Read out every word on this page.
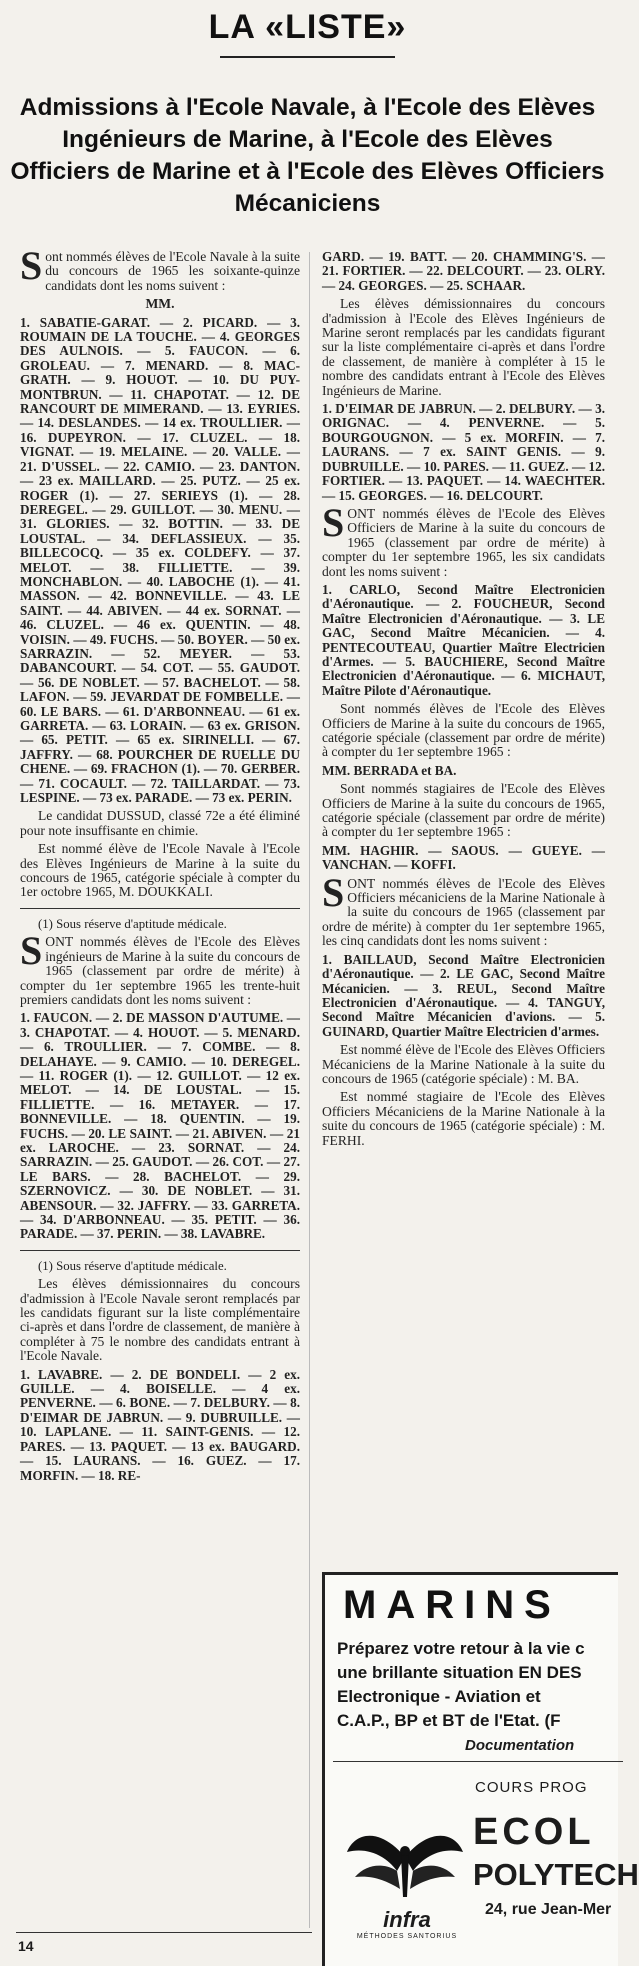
LA «LISTE»
Admissions à l'Ecole Navale, à l'Ecole des Elèves Ingénieurs de Marine, à l'Ecole des Elèves Officiers de Marine et à l'Ecole des Elèves Officiers Mécaniciens

Sont nommés élèves de l'Ecole Navale à la suite du concours de 1965 les soixante-quinze candidats dont les noms suivent :

MM.

1. SABATIE-GARAT. — 2. PICARD. — 3. ROUMAIN DE LA TOUCHE. — 4. GEORGES DES AULNOIS. — 5. FAUCON. — 6. GROLEAU. — 7. MENARD. — 8. MAC-GRATH. — 9. HOUOT. — 10. DU PUY-MONTBRUN. — 11. CHAPOTAT. — 12. DE RANCOURT DE MIMERAND. — 13. EYRIES. — 14. DESLANDES. — 14 ex. TROULLIER. — 16. DUPEYRON. — 17. CLUZEL. — 18. VIGNAT. — 19. MELAINE. — 20. VALLE. — 21. D'USSEL. — 22. CAMIO. — 23. DANTON. — 23 ex. MAILLARD. — 25. PUTZ. — 25 ex. ROGER (1). — 27. SERIEYS (1). — 28. DEREGEL. — 29. GUILLOT. — 30. MENU. — 31. GLORIES. — 32. BOTTIN. — 33. DE LOUSTAL. — 34. DEFLASSIEUX. — 35. BILLECOCQ. — 35 ex. COLDEFY. — 37. MELOT. — 38. FILLIETTE. — 39. MONCHABLON. — 40. LABOCHE (1). — 41. MASSON. — 42. BONNEVILLE. — 43. LE SAINT. — 44. ABIVEN. — 44 ex. SORNAT. — 46. CLUZEL. — 46 ex. QUENTIN. — 48. VOISIN. — 49. FUCHS. — 50. BOYER. — 50 ex. SARRAZIN. — 52. MEYER. — 53. DABANCOURT. — 54. COT. — 55. GAUDOT. — 56. DE NOBLET. — 57. BACHELOT. — 58. LAFON. — 59. JEVARDAT DE FOMBELLE. — 60. LE BARS. — 61. D'ARBONNEAU. — 61 ex. GARRETA. — 63. LORAIN. — 63 ex. GRISON. — 65. PETIT. — 65 ex. SIRINELLI. — 67. JAFFRY. — 68. POURCHER DE RUELLE DU CHENE. — 69. FRACHON (1). — 70. GERBER. — 71. COCAULT. — 72. TAILLARDAT. — 73. LESPINE. — 73 ex. PARADE. — 73 ex. PERIN.

Le candidat DUSSUD, classé 72e a été éliminé pour note insuffisante en chimie.

Est nommé élève de l'Ecole Navale à l'Ecole des Elèves Ingénieurs de Marine à la suite du concours de 1965, catégorie spéciale à compter du 1er octobre 1965, M. DOUKKALI.

(1) Sous réserve d'aptitude médicale.

SONT nommés élèves de l'Ecole des Elèves ingénieurs de Marine à la suite du concours de 1965 (classement par ordre de mérite) à compter du 1er septembre 1965 les trente-huit premiers candidats dont les noms suivent :

1. FAUCON. — 2. DE MASSON D'AUTUME. — 3. CHAPOTAT. — 4. HOUOT. — 5. MENARD. — 6. TROULLIER. — 7. COMBE. — 8. DELAHAYE. — 9. CAMIO. — 10. DEREGEL. — 11. ROGER (1). — 12. GUILLOT. — 12 ex. MELOT. — 14. DE LOUSTAL. — 15. FILLIETTE. — 16. METAYER. — 17. BONNEVILLE. — 18. QUENTIN. — 19. FUCHS. — 20. LE SAINT. — 21. ABIVEN. — 21 ex. LAROCHE. — 23. SORNAT. — 24. SARRAZIN. — 25. GAUDOT. — 26. COT. — 27. LE BARS. — 28. BACHELOT. — 29. SZERNOVICZ. — 30. DE NOBLET. — 31. ABENSOUR. — 32. JAFFRY. — 33. GARRETA. — 34. D'ARBONNEAU. — 35. PETIT. — 36. PARADE. — 37. PERIN. — 38. LAVABRE.

(1) Sous réserve d'aptitude médicale.

Les élèves démissionnaires du concours d'admission à l'Ecole Navale seront remplacés par les candidats figurant sur la liste complémentaire ci-après et dans l'ordre de classement, de manière à compléter à 75 le nombre des candidats entrant à l'Ecole Navale.

1. LAVABRE. — 2. DE BONDELI. — 2 ex. GUILLE. — 4. BOISELLE. — 4 ex. PENVERNE. — 6. BONE. — 7. DELBURY. — 8. D'EIMAR DE JABRUN. — 9. DUBRUILLE. — 10. LAPLANE. — 11. SAINT-GENIS. — 12. PARES. — 13. PAQUET. — 13 ex. BAUGARD. — 15. LAURANS. — 16. GUEZ. — 17. MORFIN. — 18. RE-

GARD. — 19. BATT. — 20. CHAMMING'S. — 21. FORTIER. — 22. DELCOURT. — 23. OLRY. — 24. GEORGES. — 25. SCHAAR.

Les élèves démissionnaires du concours d'admission à l'Ecole des Elèves Ingénieurs de Marine seront remplacés par les candidats figurant sur la liste complémentaire ci-après et dans l'ordre de classement, de manière à compléter à 15 le nombre des candidats entrant à l'Ecole des Elèves Ingénieurs de Marine.

1. D'EIMAR DE JABRUN. — 2. DELBURY. — 3. ORIGNAC. — 4. PENVERNE. — 5. BOURGOUGNON. — 5 ex. MORFIN. — 7. LAURANS. — 7 ex. SAINT GENIS. — 9. DUBRUILLE. — 10. PARES. — 11. GUEZ. — 12. FORTIER. — 13. PAQUET. — 14. WAECHTER. — 15. GEORGES. — 16. DELCOURT.

SONT nommés élèves de l'Ecole des Elèves Officiers de Marine à la suite du concours de 1965 (classement par ordre de mérite) à compter du 1er septembre 1965, les six candidats dont les noms suivent :

1. CARLO, Second Maître Electronicien d'Aéronautique. — 2. FOUCHEUR, Second Maître Electronicien d'Aéronautique. — 3. LE GAC, Second Maître Mécanicien. — 4. PENTECOUTEAU, Quartier Maître Electricien d'Armes. — 5. BAUCHIERE, Second Maître Electronicien d'Aéronautique. — 6. MICHAUT, Maître Pilote d'Aéronautique.

Sont nommés élèves de l'Ecole des Elèves Officiers de Marine à la suite du concours de 1965, catégorie spéciale (classement par ordre de mérite) à compter du 1er septembre 1965 :

MM. BERRADA et BA.

Sont nommés stagiaires de l'Ecole des Elèves Officiers de Marine à la suite du concours de 1965, catégorie spéciale (classement par ordre de mérite) à compter du 1er septembre 1965 :

MM. HAGHIR. — SAOUS. — GUEYE. — VANCHAN. — KOFFI.

SONT nommés élèves de l'Ecole des Elèves Officiers mécaniciens de la Marine Nationale à la suite du concours de 1965 (classement par ordre de mérite) à compter du 1er septembre 1965, les cinq candidats dont les noms suivent :

1. BAILLAUD, Second Maître Electronicien d'Aéronautique. — 2. LE GAC, Second Maître Mécanicien. — 3. REUL, Second Maître Electronicien d'Aéronautique. — 4. TANGUY, Second Maître Mécanicien d'avions. — 5. GUINARD, Quartier Maître Electricien d'armes.

Est nommé élève de l'Ecole des Elèves Officiers Mécaniciens de la Marine Nationale à la suite du concours de 1965 (catégorie spéciale) : M. BA.

Est nommé stagiaire de l'Ecole des Elèves Officiers Mécaniciens de la Marine Nationale à la suite du concours de 1965 (catégorie spéciale) : M. FERHI.

MARINS
Préparez votre retour à la vie c
une brillante situation EN DES
Electronique - Aviation et
C.A.P., BP et BT de l'Etat. (F
Documentation
COURS PROG
ECOL
POLYTECH
24, rue Jean-Mer
infra
MÉTHODES SANTORIUS
14
